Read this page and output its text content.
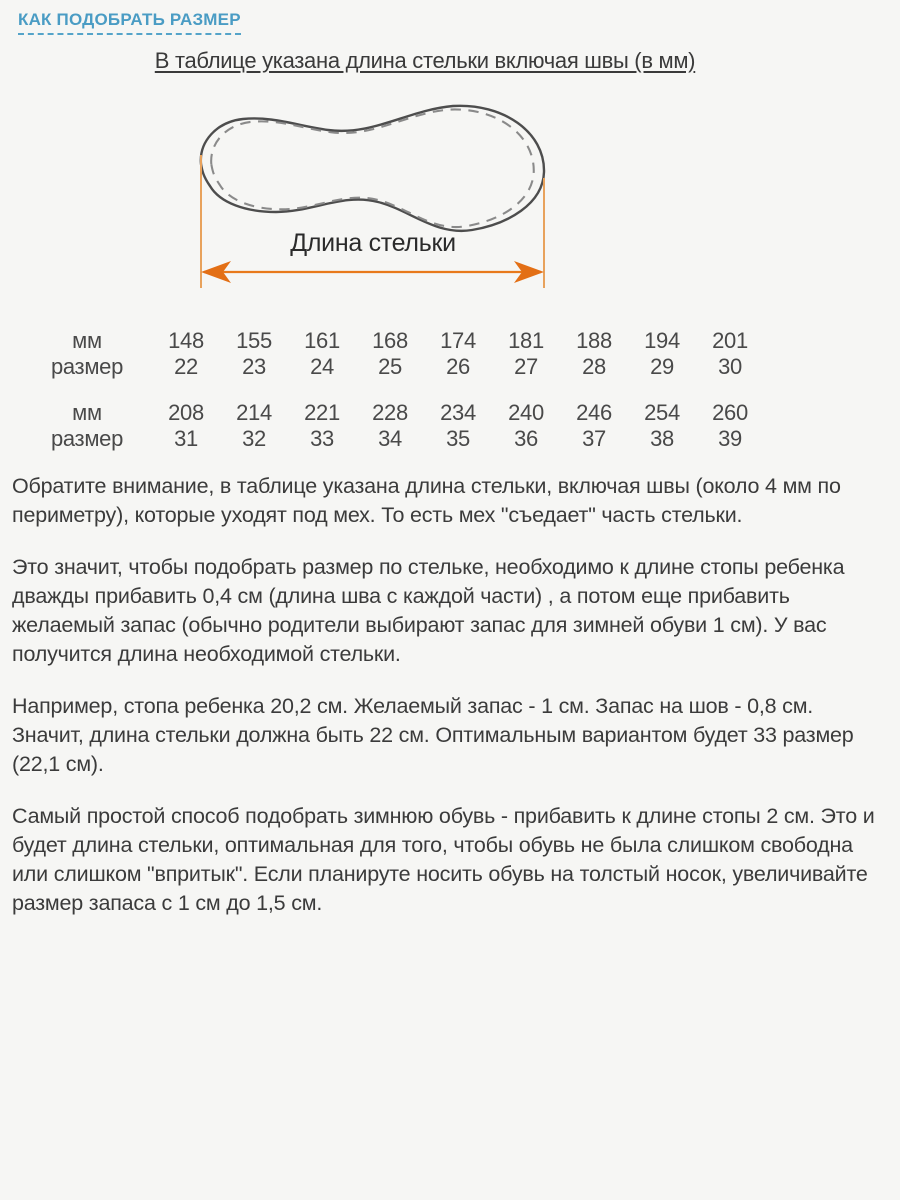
КАК ПОДОБРАТЬ РАЗМЕР
В таблице указана длина стельки включая швы (в мм)
Длина стельки
мм	148	155	161	168	174	181	188	194	201
размер	22	23	24	25	26	27	28	29	30
мм	208	214	221	228	234	240	246	254	260
размер	31	32	33	34	35	36	37	38	39

Обратите внимание, в таблице указана длина стельки, включая швы (около 4 мм по периметру), которые уходят под мех. То есть мех "съедает" часть стельки.

Это значит, чтобы подобрать размер по стельке, необходимо к длине стопы ребенка дважды прибавить 0,4 см (длина шва с каждой части) , а потом еще прибавить желаемый запас (обычно родители выбирают запас для зимней обуви 1 см). У вас получится длина необходимой стельки.

Например, стопа ребенка 20,2 см. Желаемый запас - 1 см. Запас на шов - 0,8 см. Значит, длина стельки должна быть 22 см. Оптимальным вариантом будет 33 размер (22,1 см).

Самый простой способ подобрать зимнюю обувь - прибавить к длине стопы 2 см. Это и будет длина стельки, оптимальная для того, чтобы обувь не была слишком свободна или слишком "впритык". Если планируте носить обувь на толстый носок, увеличивайте размер запаса с 1 см до 1,5 см.
